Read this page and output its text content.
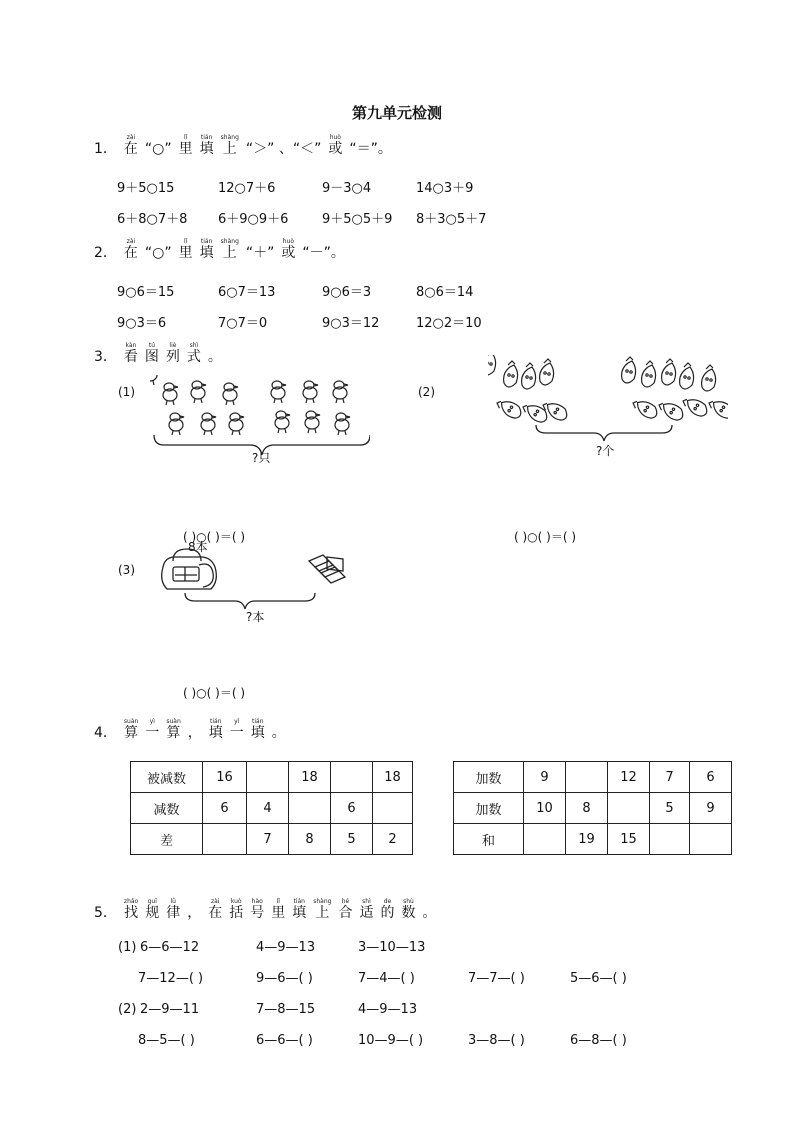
第九单元检测
1．
zài
在 “○”
lǐ
里
tián
填
shàng
上 “＞” 、“＜”
huò
或 “＝”。
9＋5○15	12○7＋6	9－3○4	14○3＋9
6＋8○7＋8 6＋9○9＋6	9＋5○5＋9 8＋3○5＋7
2．
zài
在 “○”
lǐ
里
tián
填
shàng
上 “＋”
huò
或 “－”。
9○6＝15	6○7＝13	9○6＝3	8○6＝14
9○3＝6	7○7＝0	9○3＝12	12○2＝10
3．
kàn
看
tú
图
liè
列
shì
式 。
(1)
?只
( )○( )＝( )
(2)
?个
( )○( )＝( )
(3)
8本
?本
( )○( )＝( )
4．
suàn
算
yì
一
suàn
算 ，
tián
填
yì
一
tián
填 。
被减数	16		18		18
减数	6	4		6	
差		7	8	5	2
加数	9		12	7	6
加数	10	8		5	9
和		19	15		
5．
zhǎo
找
guī
规
lǜ
律 ，
zài
在
kuò
括
hào
号
lǐ
里
tián
填
shàng
上
hé
合
shì
适
de
的
shù
数 。
(1) 6—6—12	4—9—13	3—10—13
7—12—( )	9—6—( )	7—4—( )	7—7—( )	5—6—( )
(2) 2—9—11	7—8—15	4—9—13
8—5—( )	6—6—( )	10—9—( )	3—8—( )	6—8—( )
